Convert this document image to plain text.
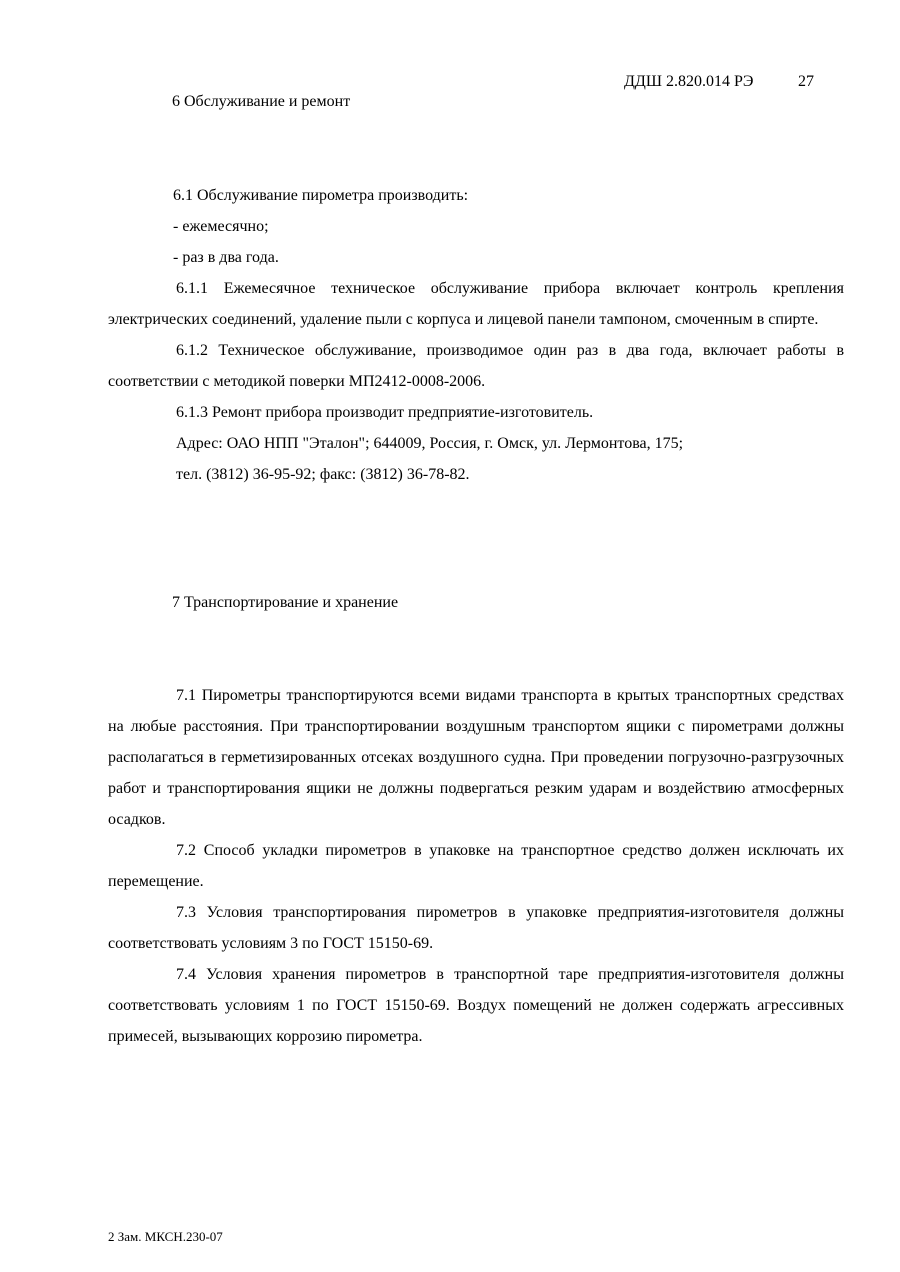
ДДШ 2.820.014 РЭ	27
6 Обслуживание и ремонт
6.1 Обслуживание пирометра производить:
- ежемесячно;
- раз в два года.
6.1.1 Ежемесячное техническое обслуживание прибора включает контроль крепления электрических соединений, удаление пыли с корпуса и лицевой панели тампоном, смоченным в спирте.
6.1.2 Техническое обслуживание, производимое один раз в два года, включает работы в соответствии с методикой поверки МП2412-0008-2006.
6.1.3 Ремонт прибора производит предприятие-изготовитель.
Адрес: ОАО НПП "Эталон"; 644009, Россия, г. Омск, ул. Лермонтова, 175;
тел. (3812) 36-95-92; факс: (3812) 36-78-82.
7 Транспортирование и хранение
7.1 Пирометры транспортируются всеми видами транспорта в крытых транспортных средствах на любые расстояния. При транспортировании воздушным транспортом ящики с пирометрами должны располагаться в герметизированных отсеках воздушного судна. При проведении погрузочно-разгрузочных работ и транспортирования ящики не должны подвергаться резким ударам и воздействию атмосферных осадков.
7.2 Способ укладки пирометров в упаковке на транспортное средство должен исключать их перемещение.
7.3 Условия транспортирования пирометров в упаковке предприятия-изготовителя должны соответствовать условиям 3 по ГОСТ 15150-69.
7.4 Условия хранения пирометров в транспортной таре предприятия-изготовителя должны соответствовать условиям 1 по ГОСТ 15150-69. Воздух помещений не должен содержать агрессивных примесей, вызывающих коррозию пирометра.
2 Зам. МКСН.230-07
